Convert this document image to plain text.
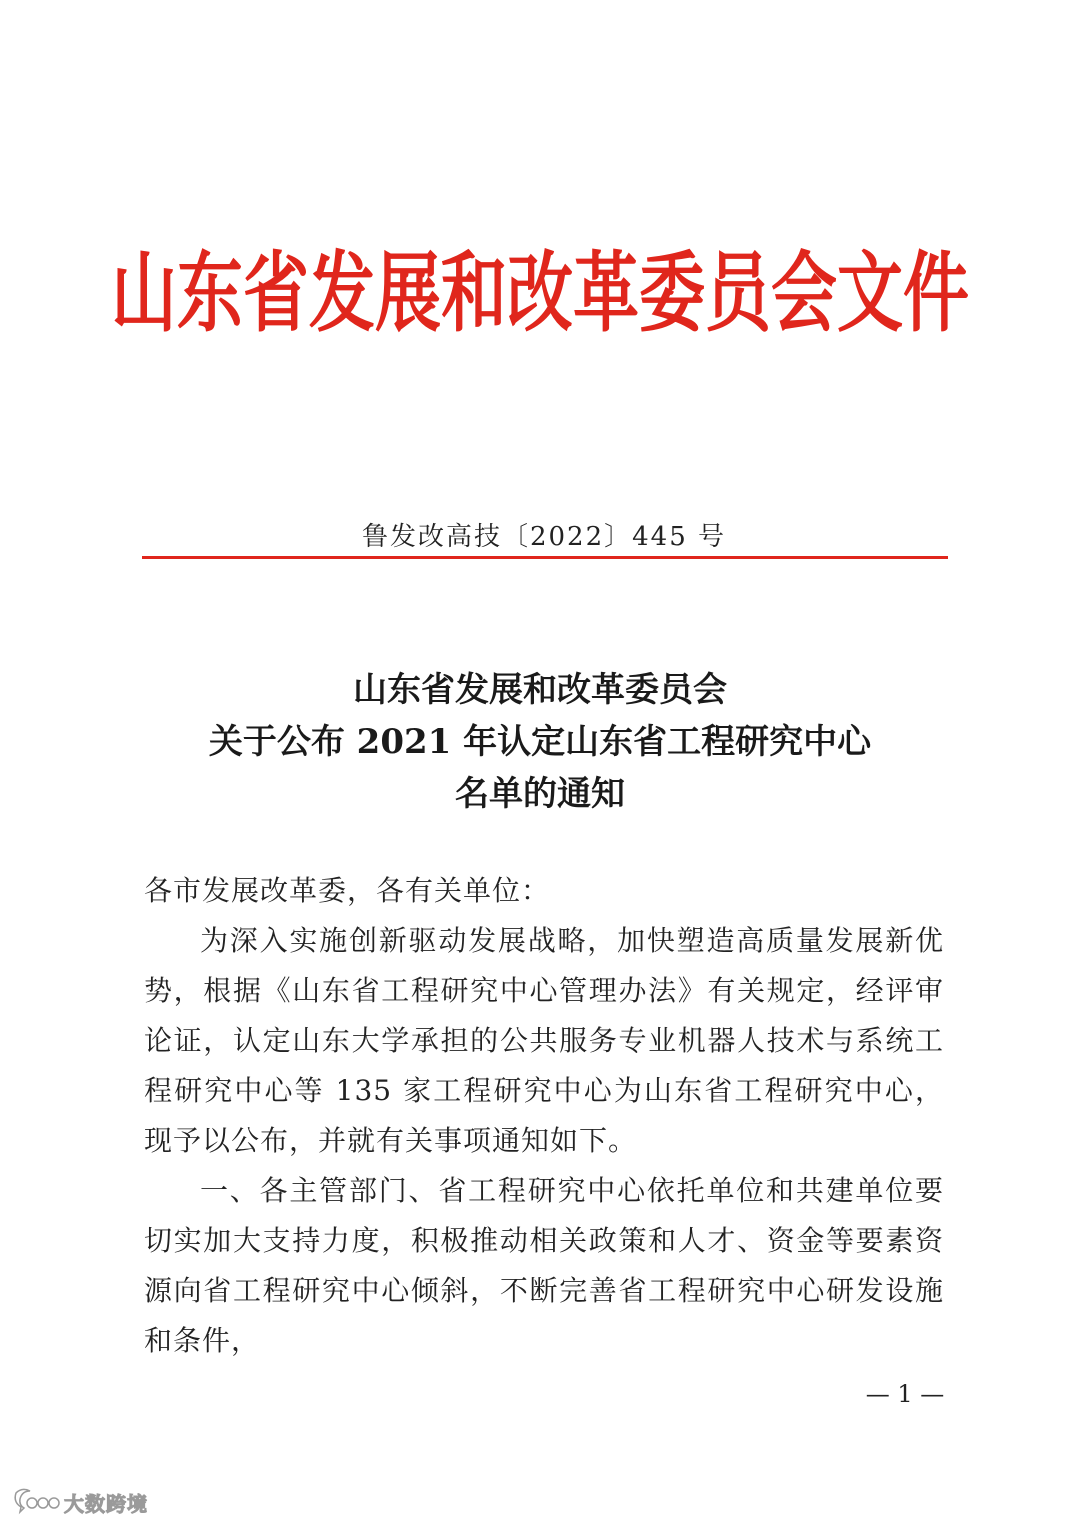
山东省发展和改革委员会文件
鲁发改高技〔2022〕445 号
山东省发展和改革委员会
关于公布 2021 年认定山东省工程研究中心
名单的通知

各市发展改革委，各有关单位：

为深入实施创新驱动发展战略，加快塑造高质量发展新优势，根据《山东省工程研究中心管理办法》有关规定，经评审论证，认定山东大学承担的公共服务专业机器人技术与系统工程研究中心等 135 家工程研究中心为山东省工程研究中心，现予以公布，并就有关事项通知如下。

一、各主管部门、省工程研究中心依托单位和共建单位要切实加大支持力度，积极推动相关政策和人才、资金等要素资源向省工程研究中心倾斜，不断完善省工程研究中心研发设施和条件，

— 1 —
大数跨境
